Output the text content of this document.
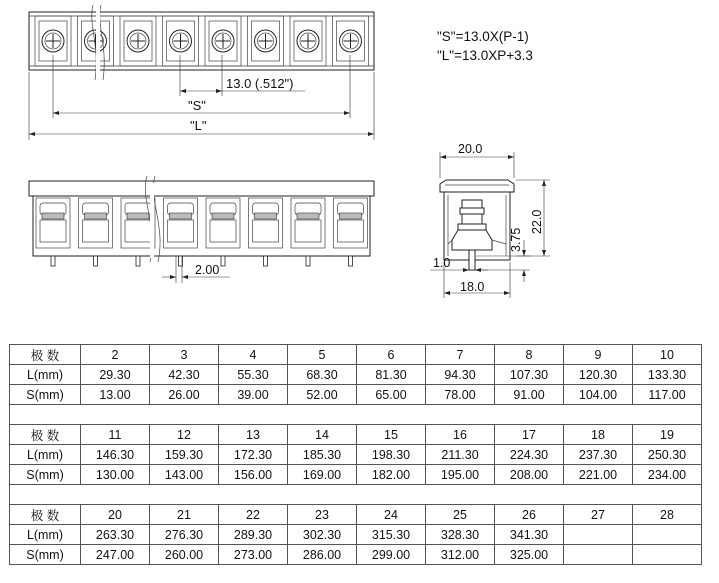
13.0 (.512")
"S"
"L"
"S"=13.0X(P-1)
"L"=13.0XP+3.3
2.00
20.0
22.0
3.75
1.0
18.0
极 数	2	3	4	5	6	7	8	9	10
L(mm)	29.30	42.30	55.30	68.30	81.30	94.30	107.30	120.30	133.30
S(mm)	13.00	26.00	39.00	52.00	65.00	78.00	91.00	104.00	117.00

极 数	11	12	13	14	15	16	17	18	19
L(mm)	146.30	159.30	172.30	185.30	198.30	211.30	224.30	237.30	250.30
S(mm)	130.00	143.00	156.00	169.00	182.00	195.00	208.00	221.00	234.00

极 数	20	21	22	23	24	25	26	27	28
L(mm)	263.30	276.30	289.30	302.30	315.30	328.30	341.30		
S(mm)	247.00	260.00	273.00	286.00	299.00	312.00	325.00		
